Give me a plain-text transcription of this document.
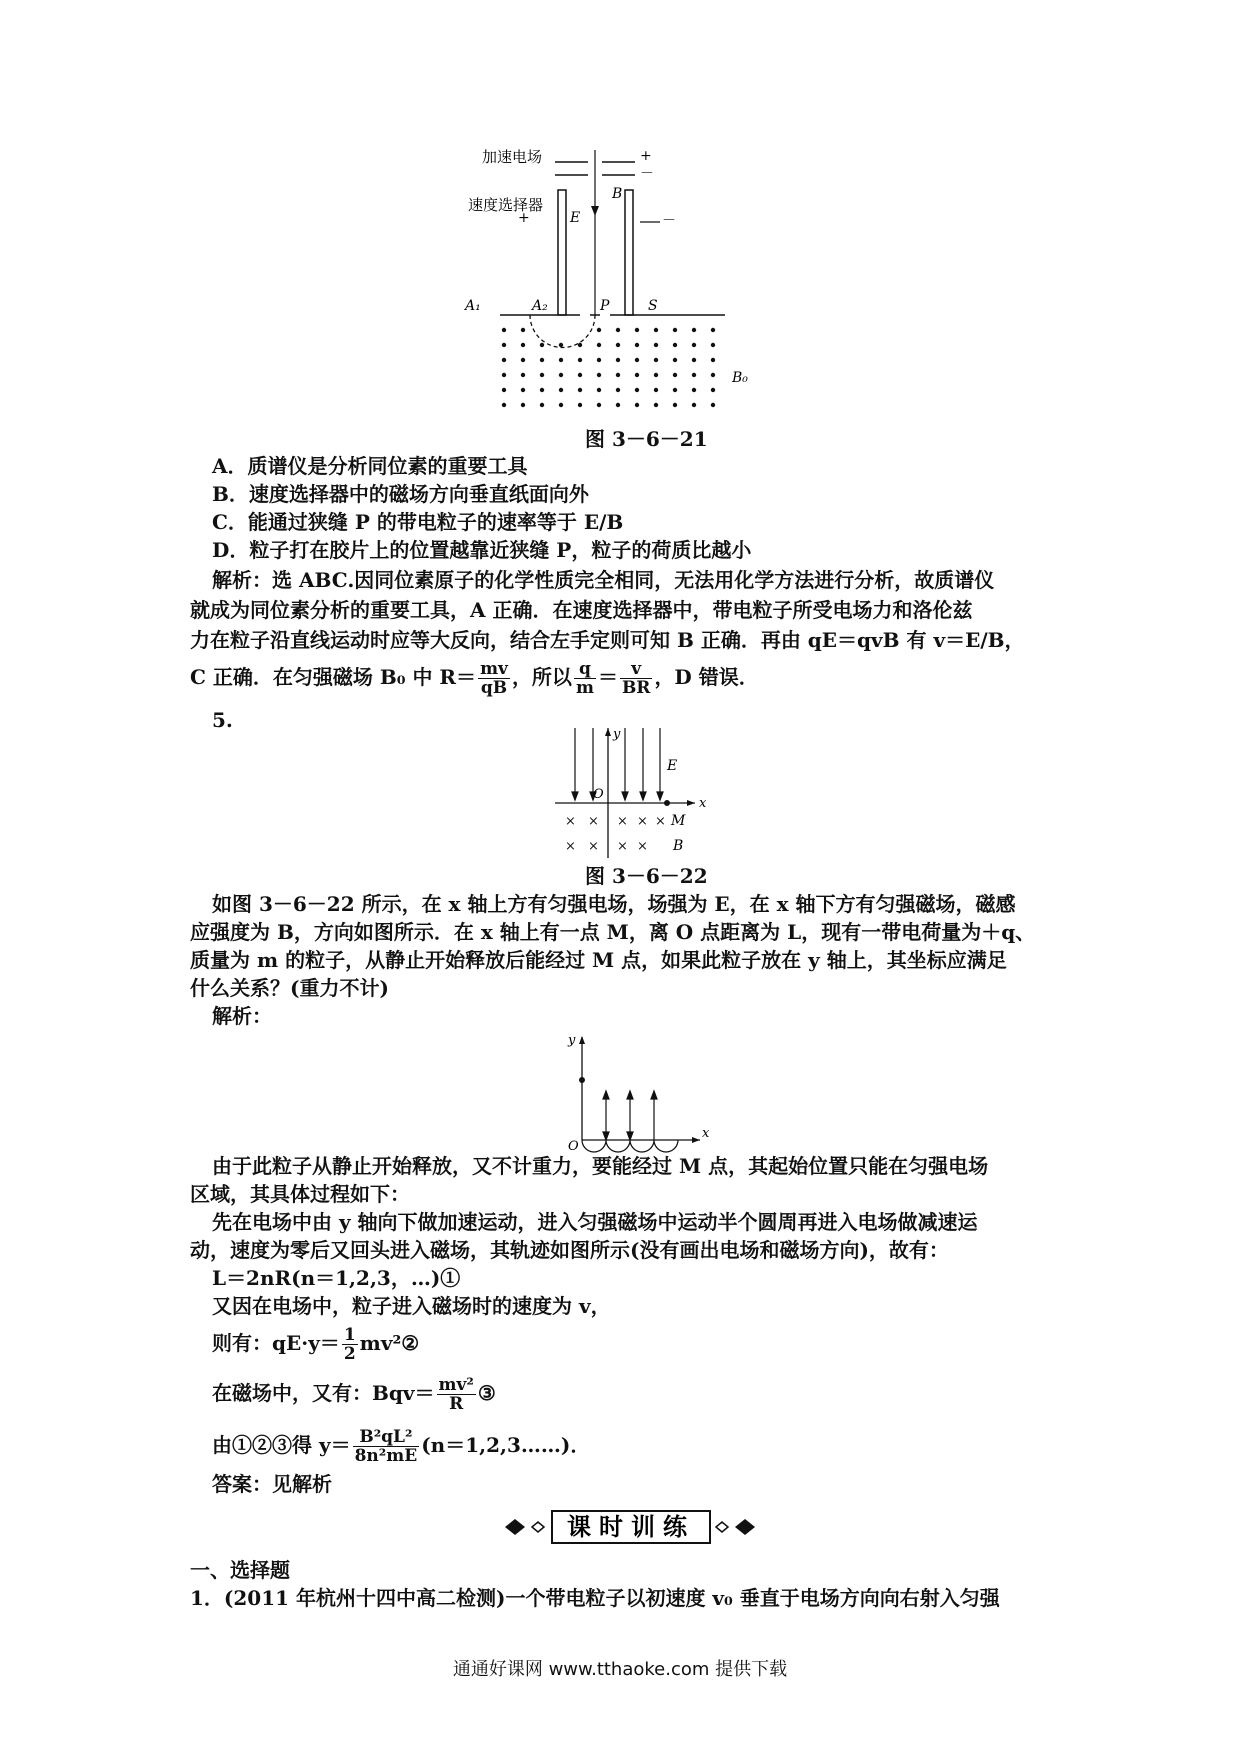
加速电场
速度选择器
+
－
+	－
E
B
A₁	A₂	P	S
B₀
图 3－6－21
A．质谱仪是分析同位素的重要工具
B．速度选择器中的磁场方向垂直纸面向外
C．能通过狭缝 P 的带电粒子的速率等于 E/B
D．粒子打在胶片上的位置越靠近狭缝 P，粒子的荷质比越小
解析：选 ABC.因同位素原子的化学性质完全相同，无法用化学方法进行分析，故质谱仪
就成为同位素分析的重要工具，A 正确．在速度选择器中，带电粒子所受电场力和洛伦兹
力在粒子沿直线运动时应等大反向，结合左手定则可知 B 正确．再由 qE＝qvB 有 v＝E/B，
C 正确．在匀强磁场 B₀ 中 $R= \frac{mv}{qB}$ ，所以 $\frac{q}{m} = \frac{v}{BR}$ ，D 错误．
5.
× × × × ×
× × × ×
y
E
O
x
M
B
图 3－6－22
如图 3－6－22 所示，在 x 轴上方有匀强电场，场强为 E，在 x 轴下方有匀强磁场，磁感
应强度为 B，方向如图所示．在 x 轴上有一点 M，离 O 点距离为 L，现有一带电荷量为＋q、
质量为 m 的粒子，从静止开始释放后能经过 M 点，如果此粒子放在 y 轴上，其坐标应满足
什么关系？(重力不计)
解析：
y
O
x
由于此粒子从静止开始释放，又不计重力，要能经过 M 点，其起始位置只能在匀强电场
区域，其具体过程如下：
先在电场中由 y 轴向下做加速运动，进入匀强磁场中运动半个圆周再进入电场做减速运
动，速度为零后又回头进入磁场，其轨迹如图所示(没有画出电场和磁场方向)，故有：
L＝2nR(n＝1,2,3，…)①
又因在电场中，粒子进入磁场时的速度为 v，
则有：$qE\cdot y= \frac{1}{2}$ mv²②
在磁场中，又有：$Bqv= \frac{\text{mv²}}{R}$ ③
由①②③得 $y= \frac{\text{B²qL²}}{\text{8n²mE}}$ (n＝1,2,3……)．
答案：见解析
课时训练
一、选择题
1．(2011 年杭州十四中高二检测)一个带电粒子以初速度 v₀ 垂直于电场方向向右射入匀强
通通好课网 www.tthaoke.com 提供下载
